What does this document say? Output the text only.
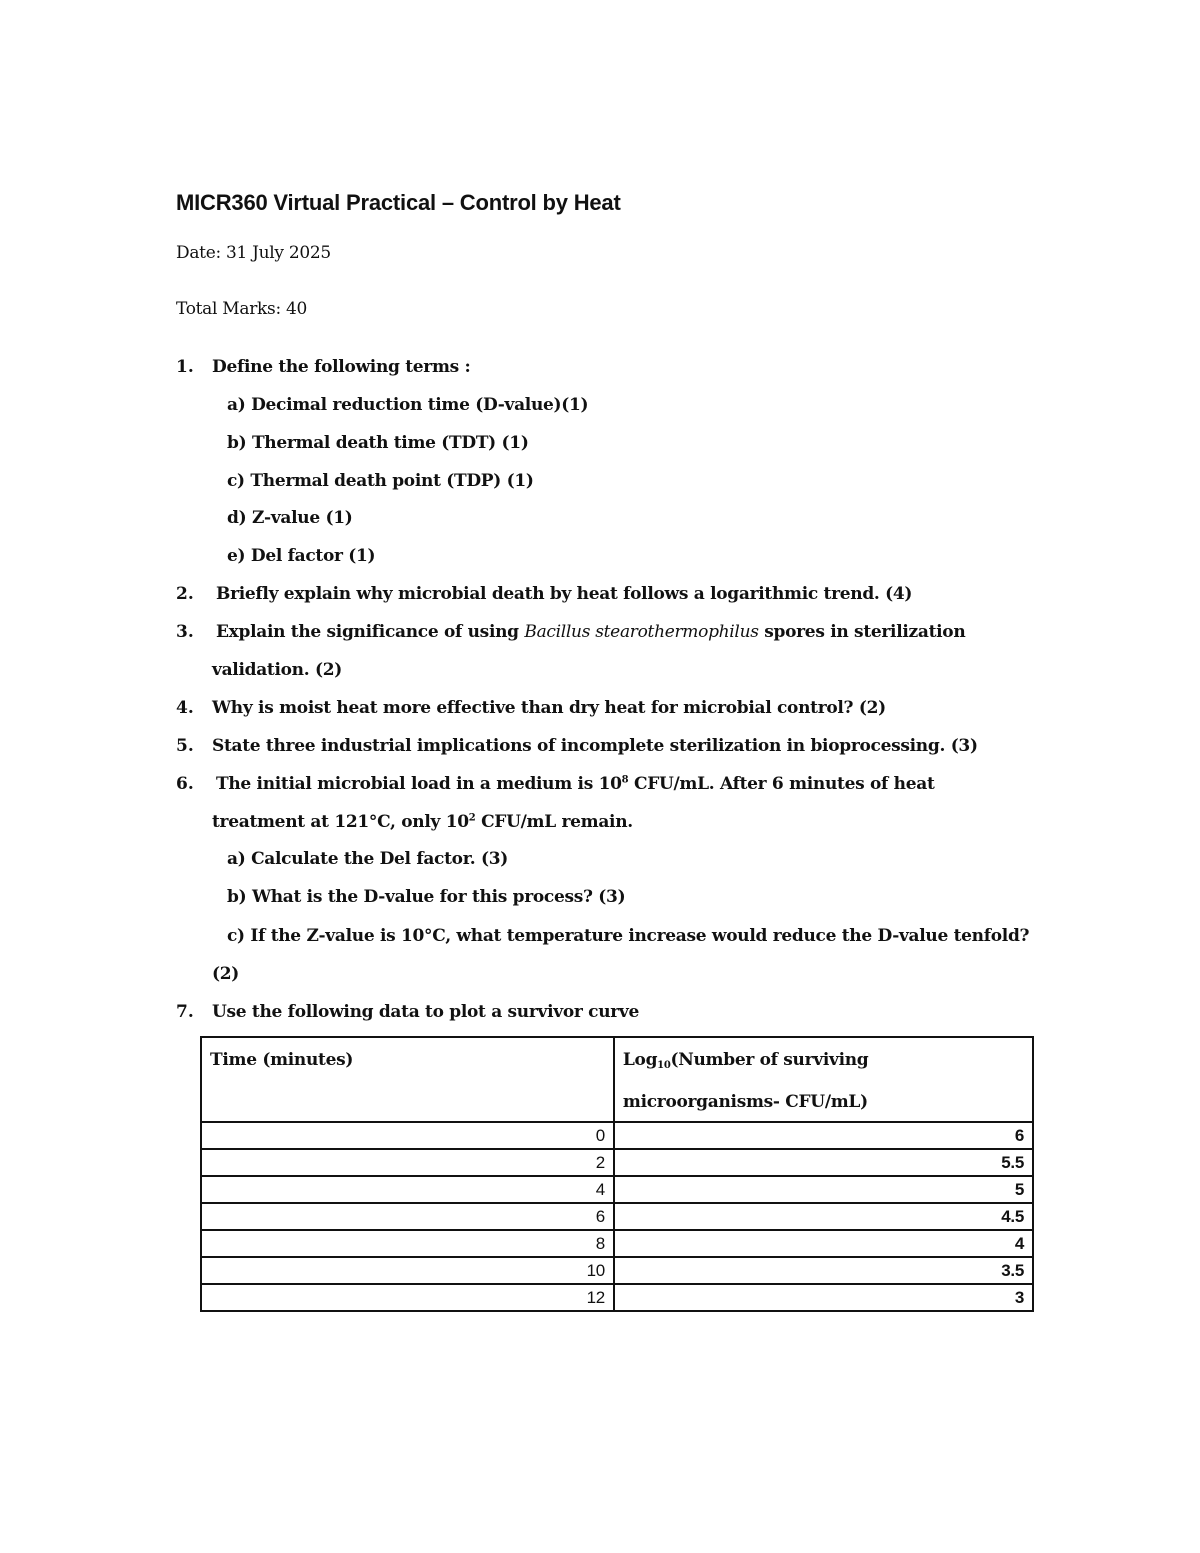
MICR360 Virtual Practical – Control by Heat
Date: 31 July 2025
Total Marks: 40
1. Define the following terms :
a) Decimal reduction time (D-value)(1)
b) Thermal death time (TDT) (1)
c) Thermal death point (TDP) (1)
d) Z-value (1)
e) Del factor (1)
2. Briefly explain why microbial death by heat follows a logarithmic trend. (4)
3. Explain the significance of using Bacillus stearothermophilus spores in sterilization
validation. (2)
4. Why is moist heat more effective than dry heat for microbial control? (2)
5. State three industrial implications of incomplete sterilization in bioprocessing. (3)
6. The initial microbial load in a medium is $10^8$ CFU/mL. After 6 minutes of heat
treatment at 121°C, only $10^2$ CFU/mL remain.
a) Calculate the Del factor. (3)
b) What is the D-value for this process? (3)
c) If the Z-value is 10°C, what temperature increase would reduce the D-value tenfold?
(2)
7. Use the following data to plot a survivor curve
Time (minutes)	Log$_{10}$(Number of surviving
microorganisms- CFU/mL)
0	6
2	5.5
4	5
6	4.5
8	4
10	3.5
12	3
